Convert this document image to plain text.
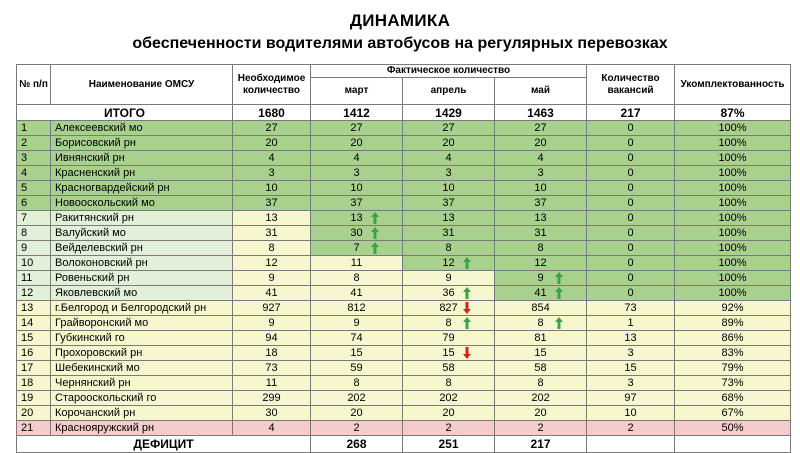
ДИНАМИКА
обеспеченности водителями автобусов на регулярных перевозках
№ п/п	Наименование ОМСУ	Необходимое количество	Фактическое количество			Количество вакансий	Укомплектованность
			март	апрель	май		
ИТОГО		1680	1412	1429	1463	217	87%
1	Алексеевский мо	27	27	27	27	0	100%
2	Борисовский рн	20	20	20	20	0	100%
3	Ивнянский рн	4	4	4	4	0	100%
4	Красненский рн	3	3	3	3	0	100%
5	Красногвардейский рн	10	10	10	10	0	100%
6	Новооскольский мо	37	37	37	37	0	100%
7	Ракитянский рн	13	13	13	13	0	100%
8	Валуйский мо	31	30	31	31	0	100%
9	Вейделевский рн	8	7	8	8	0	100%
10	Волоконовский рн	12	11	12	12	0	100%
11	Ровеньский рн	9	8	9	9	0	100%
12	Яковлевский мо	41	41	36	41	0	100%
13	г.Белгород и Белгородский рн	927	812	827	854	73	92%
14	Грайворонский мо	9	9	8	8	1	89%
15	Губкинский го	94	74	79	81	13	86%
16	Прохоровский рн	18	15	15	15	3	83%
17	Шебекинский мо	73	59	58	58	15	79%
18	Чернянский рн	11	8	8	8	3	73%
19	Старооскольский го	299	202	202	202	97	68%
20	Корочанский рн	30	20	20	20	10	67%
21	Краснояружский рн	4	2	2	2	2	50%
ДЕФИЦИТ			268	251	217		
